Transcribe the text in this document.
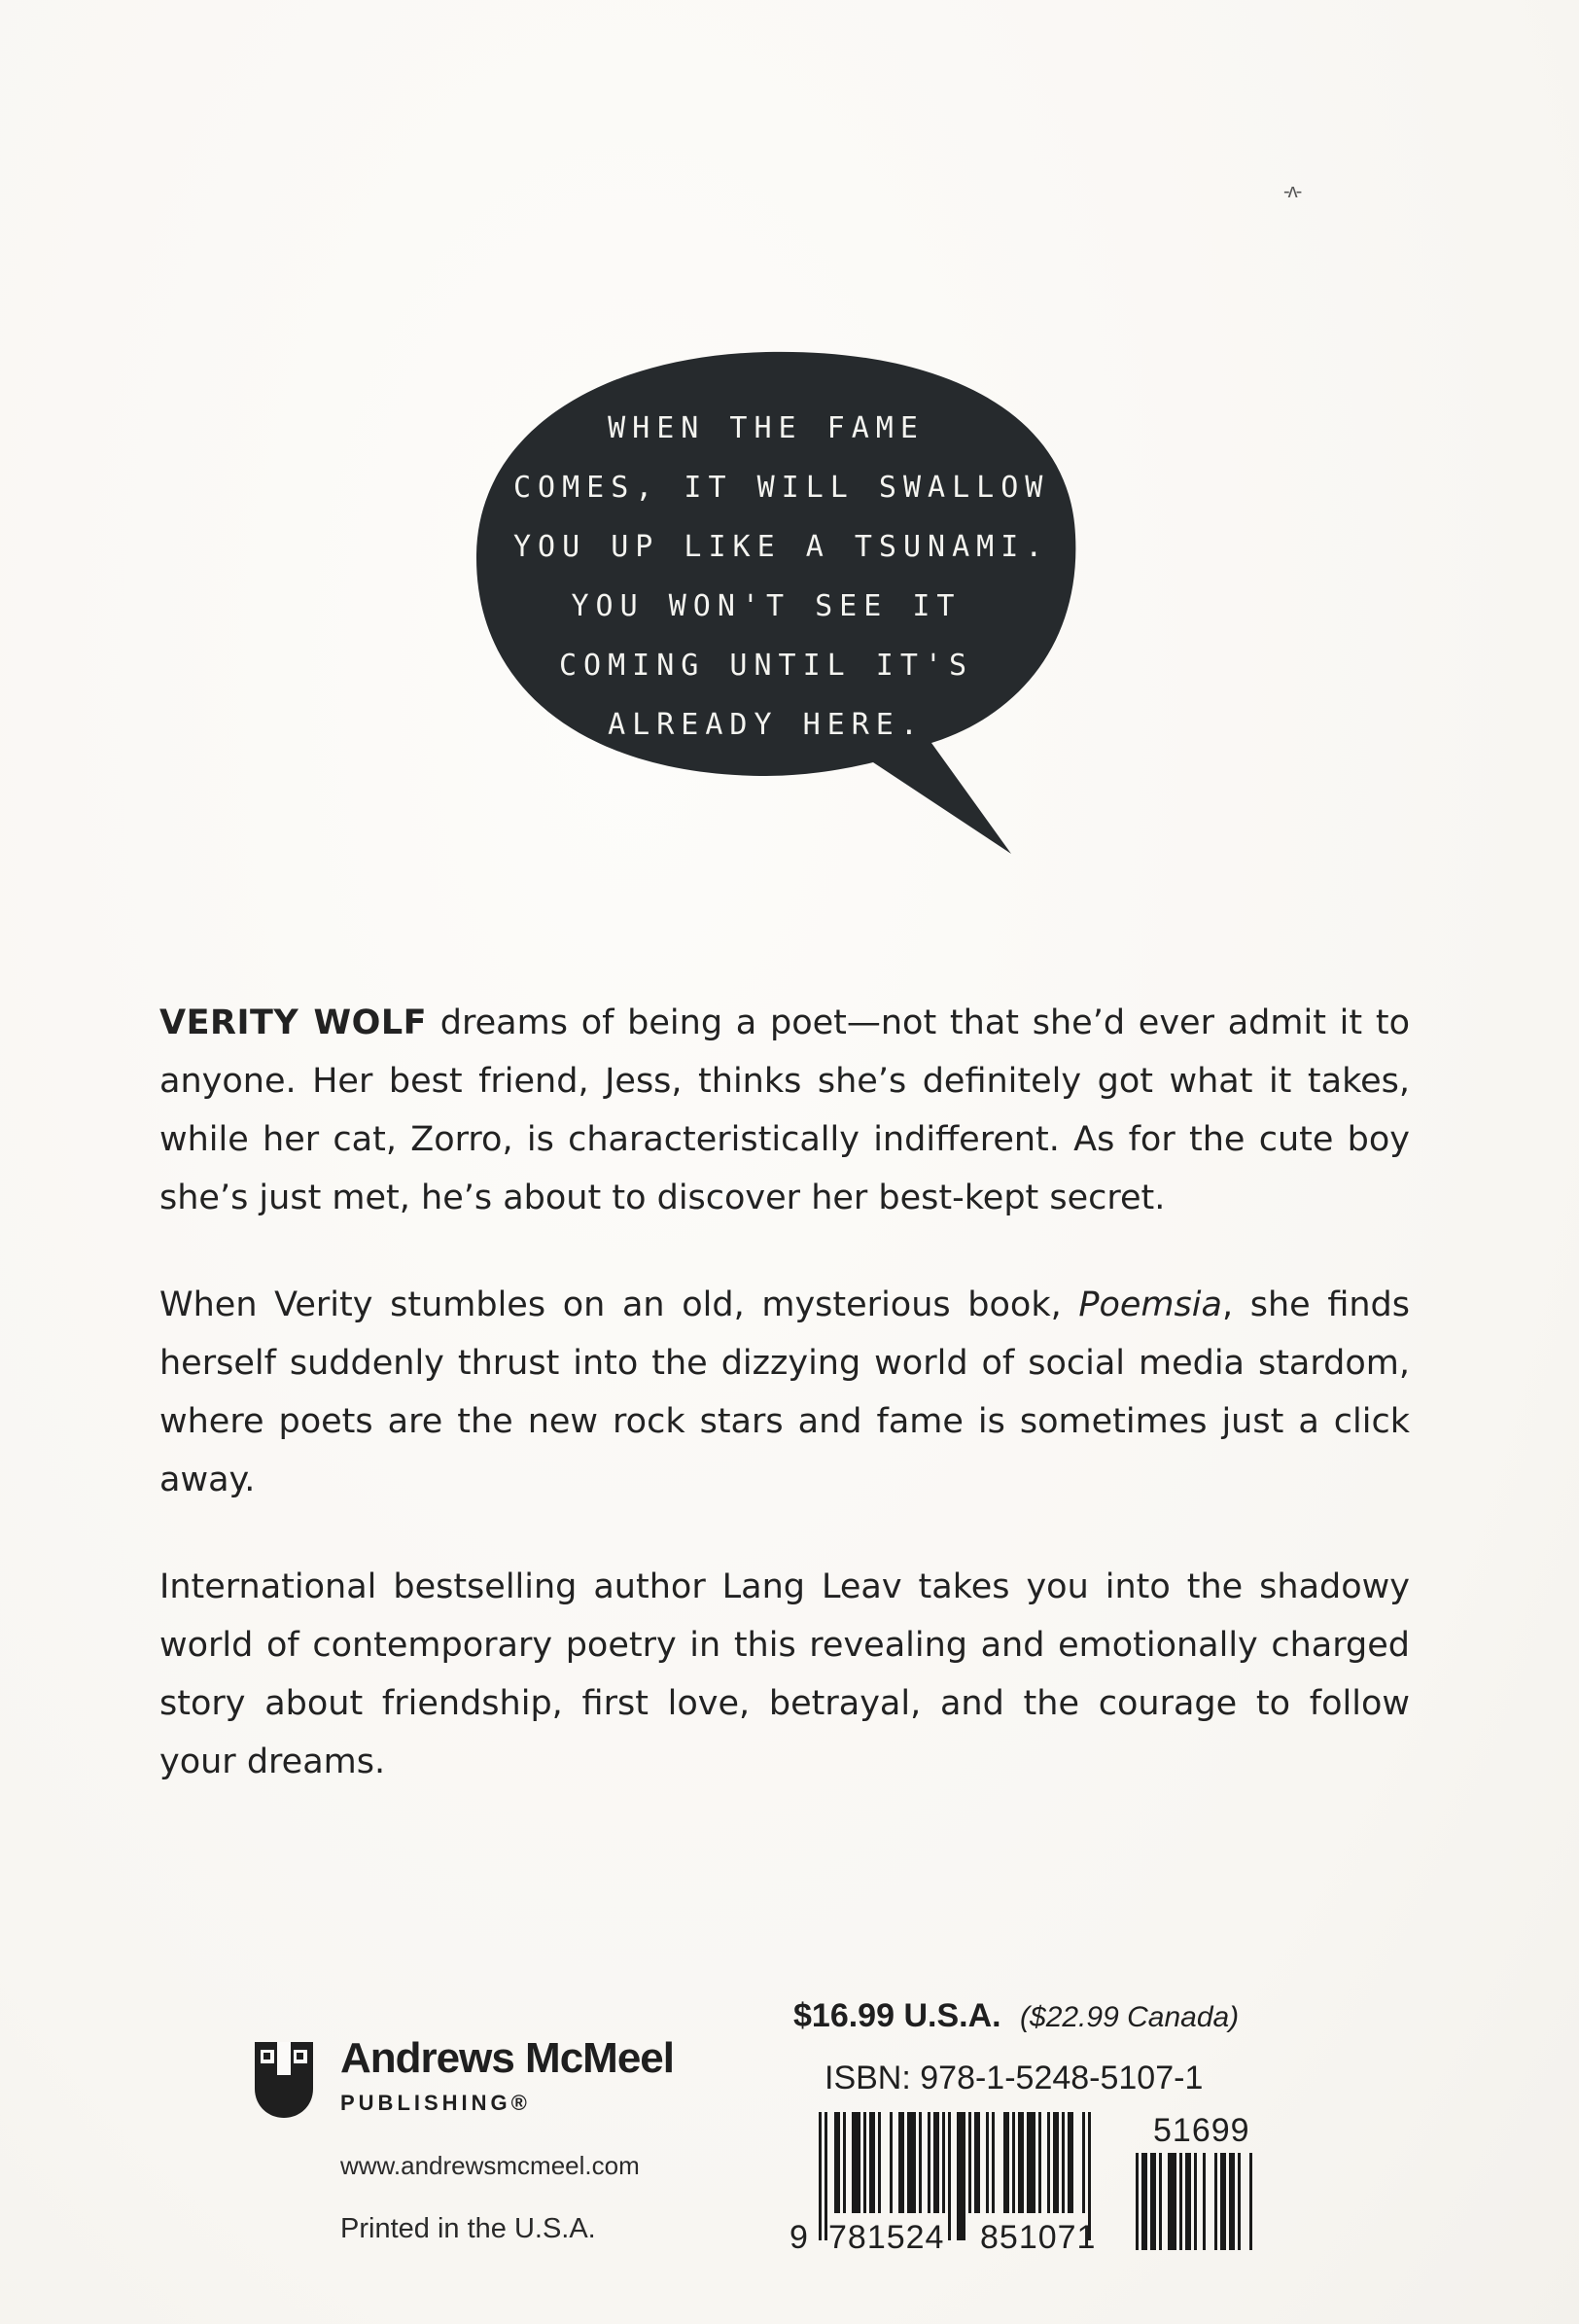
-ʌ-
WHEN THE FAME
COMES, IT WILL SWALLOW
YOU UP LIKE A TSUNAMI.
YOU WON'T SEE IT
COMING UNTIL IT'S
ALREADY HERE.

VERITY WOLF dreams of being a poet—not that she’d ever admit it to anyone. Her best friend, Jess, thinks she’s definitely got what it takes, while her cat, Zorro, is characteristically indifferent. As for the cute boy she’s just met, he’s about to discover her best-kept secret.

When Verity stumbles on an old, mysterious book, Poemsia, she finds herself suddenly thrust into the dizzying world of social media stardom, where poets are the new rock stars and fame is sometimes just a click away.

International bestselling author Lang Leav takes you into the shadowy world of contemporary poetry in this revealing and emotionally charged story about friendship, first love, betrayal, and the courage to follow your dreams.

Andrews McMeel
PUBLISHING®
www.andrewsmcmeel.com
Printed in the U.S.A.
$16.99 U.S.A. ($22.99 Canada)
ISBN: 978-1-5248-5107-1
51699
9 781524 851071
